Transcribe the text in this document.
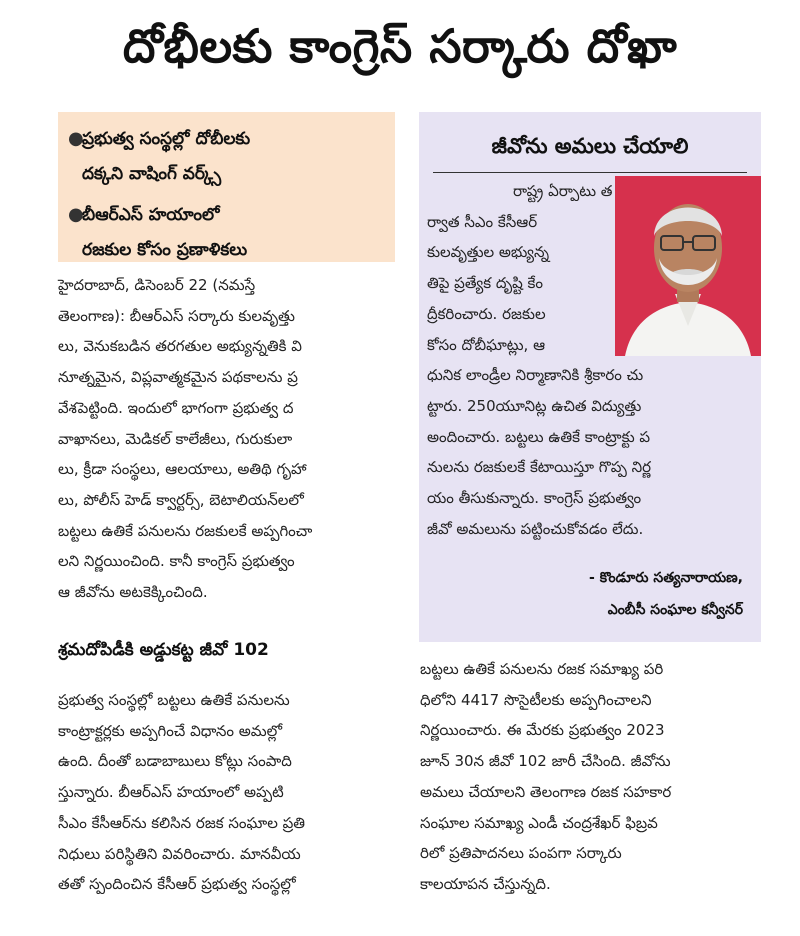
దోభీలకు కాంగ్రెస్ సర్కారు దోఖా
●
ప్రభుత్వ సంస్థల్లో దోబీలకు
దక్కని వాషింగ్ వర్క్స్
●
బీఆర్ఎస్ హయాంలో
రజకుల కోసం ప్రణాళికలు
హైదరాబాద్, డిసెంబర్ 22 (నమస్తే
తెలంగాణ): బీఆర్ఎస్ సర్కారు కులవృత్తు
లు, వెనుకబడిన తరగతుల అభ్యున్నతికి వి
నూత్నమైన, విప్లవాత్మకమైన పథకాలను ప్ర
వేశపెట్టింది. ఇందులో భాగంగా ప్రభుత్వ ద
వాఖానలు, మెడికల్ కాలేజీలు, గురుకులా
లు, క్రీడా సంస్థలు, ఆలయాలు, అతిథి గృహా
లు, పోలీస్ హెడ్ క్వార్టర్స్, బెటాలియన్‌లలో
బట్టలు ఉతికే పనులను రజకులకే అప్పగించా
లని నిర్ణయించింది. కానీ కాంగ్రెస్ ప్రభుత్వం
ఆ జీవోను అటకెక్కించింది.
శ్రమదోపిడీకి అడ్డుకట్ట జీవో 102
ప్రభుత్వ సంస్థల్లో బట్టలు ఉతికే పనులను
కాంట్రాక్టర్లకు అప్పగించే విధానం అమల్లో
ఉంది. దీంతో బడాబాబులు కోట్లు సంపాది
స్తున్నారు. బీఆర్ఎస్ హయాంలో అప్పటి
సీఎం కేసీఆర్‌ను కలిసిన రజక సంఘాల ప్రతి
నిధులు పరిస్థితిని వివరించారు. మానవీయ
తతో స్పందించిన కేసీఆర్ ప్రభుత్వ సంస్థల్లో
జీవోను అమలు చేయాలి
రాష్ట్ర ఏర్పాటు త
ర్వాత సీఎం కేసీఆర్
కులవృత్తుల అభ్యున్న
తిపై ప్రత్యేక దృష్టి కేం
ద్రీకరించారు. రజకుల
కోసం దోబీఘాట్లు, ఆ
ధునిక లాండ్రీల నిర్మాణానికి శ్రీకారం చు
ట్టారు. 250యూనిట్ల ఉచిత విద్యుత్తు
అందించారు. బట్టలు ఉతికే కాంట్రాక్టు ప
నులను రజకులకే కేటాయిస్తూ గొప్ప నిర్ణ
యం తీసుకున్నారు. కాంగ్రెస్ ప్రభుత్వం
జీవో అమలును పట్టించుకోవడం లేదు.
- కొండూరు సత్యనారాయణ,
ఎంబీసీ సంఘాల కన్వీనర్
బట్టలు ఉతికే పనులను రజక సమాఖ్య పరి
ధిలోని 4417 సొసైటీలకు అప్పగించాలని
నిర్ణయించారు. ఈ మేరకు ప్రభుత్వం 2023
జూన్ 30న జీవో 102 జారీ చేసింది. జీవోను
అమలు చేయాలని తెలంగాణ రజక సహకార
సంఘాల సమాఖ్య ఎండీ చంద్రశేఖర్ ఫిబ్రవ
రిలో ప్రతిపాదనలు పంపగా సర్కారు
కాలయాపన చేస్తున్నది.
